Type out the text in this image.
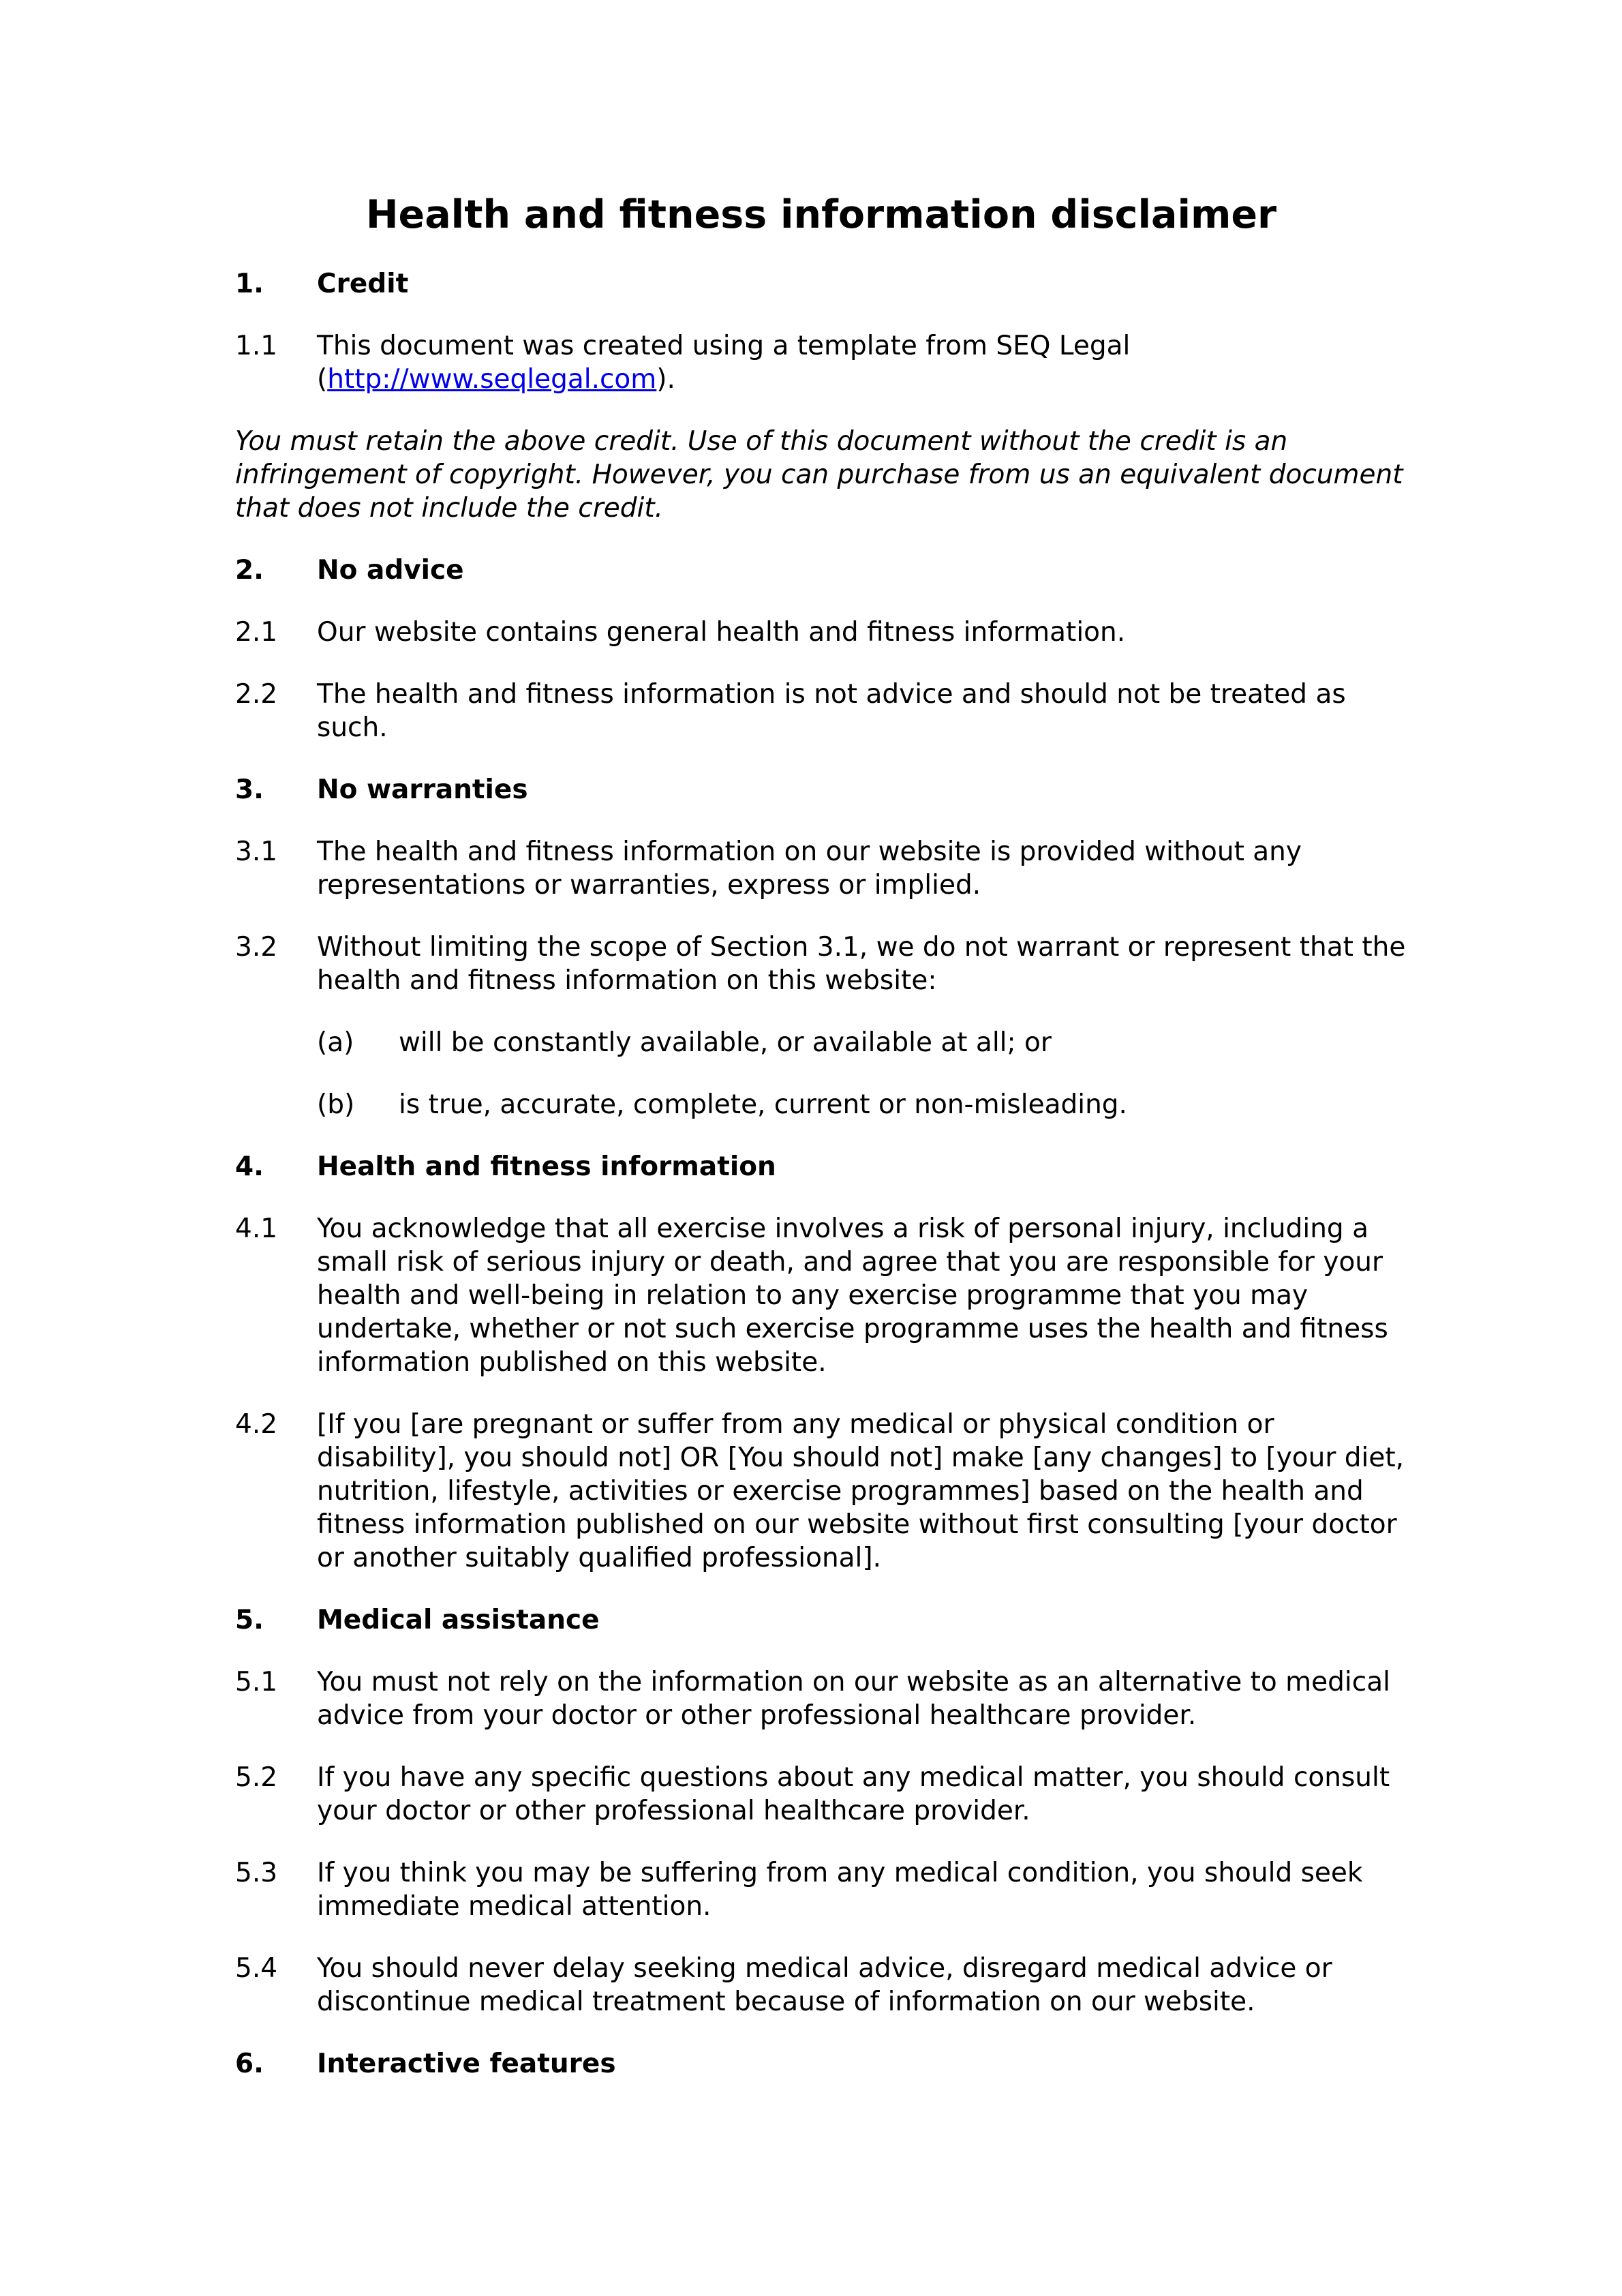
Health and fitness information disclaimer
1.	Credit
1.1	This document was created using a template from SEQ Legal (http://www.seqlegal.com).
You must retain the above credit. Use of this document without the credit is an infringement of copyright. However, you can purchase from us an equivalent document that does not include the credit.
2.	No advice
2.1	Our website contains general health and fitness information.
2.2	The health and fitness information is not advice and should not be treated as such.
3.	No warranties
3.1	The health and fitness information on our website is provided without any representations or warranties, express or implied.
3.2	Without limiting the scope of Section 3.1, we do not warrant or represent that the health and fitness information on this website:
(a)	will be constantly available, or available at all; or
(b)	is true, accurate, complete, current or non-misleading.
4.	Health and fitness information
4.1	You acknowledge that all exercise involves a risk of personal injury, including a small risk of serious injury or death, and agree that you are responsible for your health and well-being in relation to any exercise programme that you may undertake, whether or not such exercise programme uses the health and fitness information published on this website.
4.2	[If you [are pregnant or suffer from any medical or physical condition or disability], you should not] OR [You should not] make [any changes] to [your diet, nutrition, lifestyle, activities or exercise programmes] based on the health and fitness information published on our website without first consulting [your doctor or another suitably qualified professional].
5.	Medical assistance
5.1	You must not rely on the information on our website as an alternative to medical advice from your doctor or other professional healthcare provider.
5.2	If you have any specific questions about any medical matter, you should consult your doctor or other professional healthcare provider.
5.3	If you think you may be suffering from any medical condition, you should seek immediate medical attention.
5.4	You should never delay seeking medical advice, disregard medical advice or discontinue medical treatment because of information on our website.
6.	Interactive features
